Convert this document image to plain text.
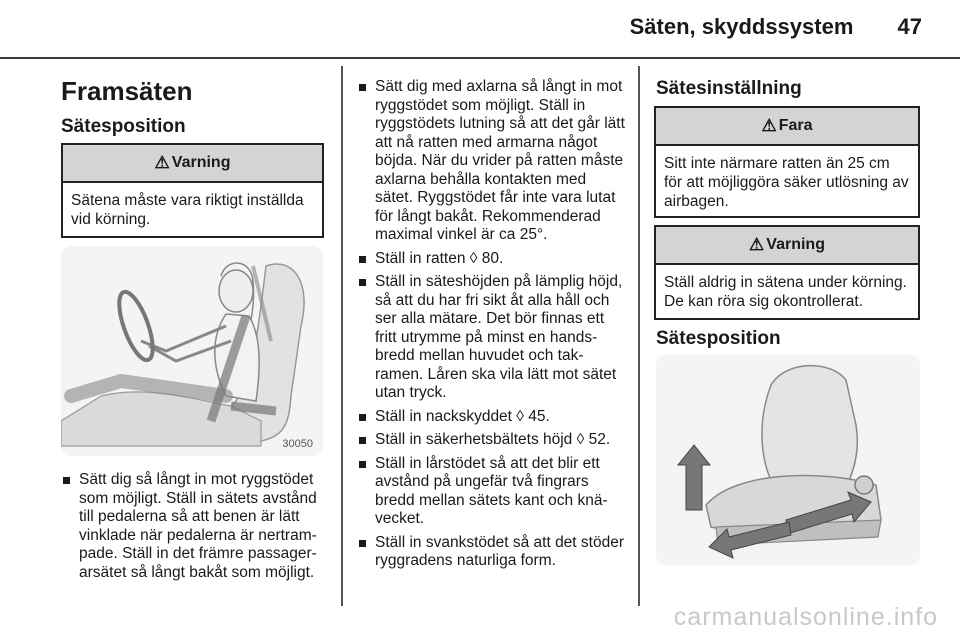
Säten, skyddssystem 47
Framsäten
Sätesposition
⚠ Varning
Sätena måste vara riktigt inställda vid körning.
30050
Sätt dig så långt in mot ryggstödet som möjligt. Ställ in sätets avstånd till pedalerna så att benen är lätt vinklade när pedalerna är nertrampade. Ställ in det främre passagerarsätet så långt bakåt som möjligt.
Sätt dig med axlarna så långt in mot ryggstödet som möjligt. Ställ in ryggstödets lutning så att det går lätt att nå ratten med armarna något böjda. När du vrider på ratten måste axlarna behålla kontakten med sätet. Ryggstödet får inte vara lutat för långt bakåt. Rekommenderad maximal vinkel är ca 25°.
Ställ in ratten ◊ 80.
Ställ in säteshöjden på lämplig höjd, så att du har fri sikt åt alla håll och ser alla mätare. Det bör finnas ett fritt utrymme på minst en handsbredd mellan huvudet och takramen. Låren ska vila lätt mot sätet utan tryck.
Ställ in nackskyddet ◊ 45.
Ställ in säkerhetsbältets höjd ◊ 52.
Ställ in lårstödet så att det blir ett avstånd på ungefär två fingrars bredd mellan sätets kant och knävecket.
Ställ in svankstödet så att det stöder ryggradens naturliga form.
Sätesinställning
⚠ Fara
Sitt inte närmare ratten än 25 cm för att möjliggöra säker utlösning av airbagen.
⚠ Varning
Ställ aldrig in sätena under körning. De kan röra sig okontrollerat.
Sätesposition
carmanualsonline.info
